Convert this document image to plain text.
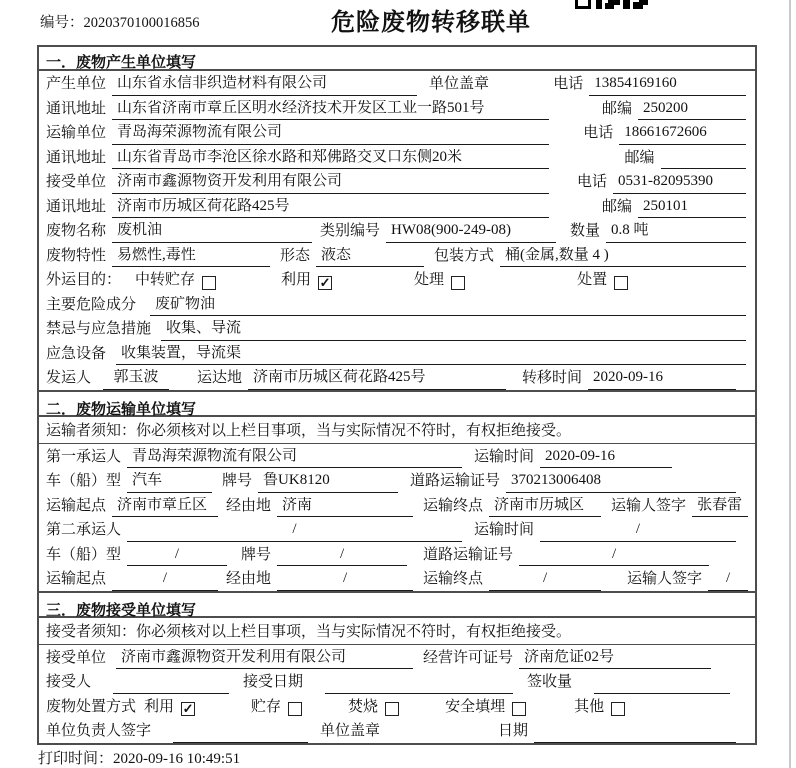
编号：2020370100016856	危险废物转移联单
一．废物产生单位填写
产生单位 山东省永信非织造材料有限公司	单位盖章	电话 13854169160
通讯地址 山东省济南市章丘区明水经济技术开发区工业一路501号	邮编 250200
运输单位 青岛海荣源物流有限公司	电话 18661672606
通讯地址 山东省青岛市李沧区徐水路和郑佛路交叉口东侧20米	邮编
接受单位 济南市鑫源物资开发利用有限公司	电话 0531-82095390
通讯地址 济南市历城区荷花路425号	邮编 250101
废物名称 废机油	类别编号 HW08(900-249-08)	数量 0.8 吨
废物特性 易燃性,毒性	形态 液态	包装方式 桶(金属,数量 4 )
外运目的： 中转贮存	利用 ✓	处理	处置
主要危险成分	废矿物油
禁忌与应急措施	收集、导流
应急设备	收集装置，导流渠
发运人	郭玉波	运达地 济南市历城区荷花路425号	转移时间 2020-09-16
二．废物运输单位填写
运输者须知：你必须核对以上栏目事项，当与实际情况不符时，有权拒绝接受。
第一承运人 青岛海荣源物流有限公司	运输时间 2020-09-16
车（船）型 汽车	牌号 鲁UK8120	道路运输证号 370213006408
运输起点 济南市章丘区	经由地 济南	运输终点 济南市历城区	运输人签字 张春雷
第二承运人	/	运输时间	/
车（船）型	/	牌号	/	道路运输证号	/
运输起点	/	经由地	/	运输终点	/	运输人签字	/
三．废物接受单位填写
接受者须知：你必须核对以上栏目事项，当与实际情况不符时，有权拒绝接受。
接受单位	济南市鑫源物资开发利用有限公司	经营许可证号 济南危证02号
接受人	接受日期	签收量
废物处置方式 利用 ✓	贮存	焚烧	安全填埋	其他
单位负责人签字	单位盖章	日期
打印时间：2020-09-16 10:49:51
